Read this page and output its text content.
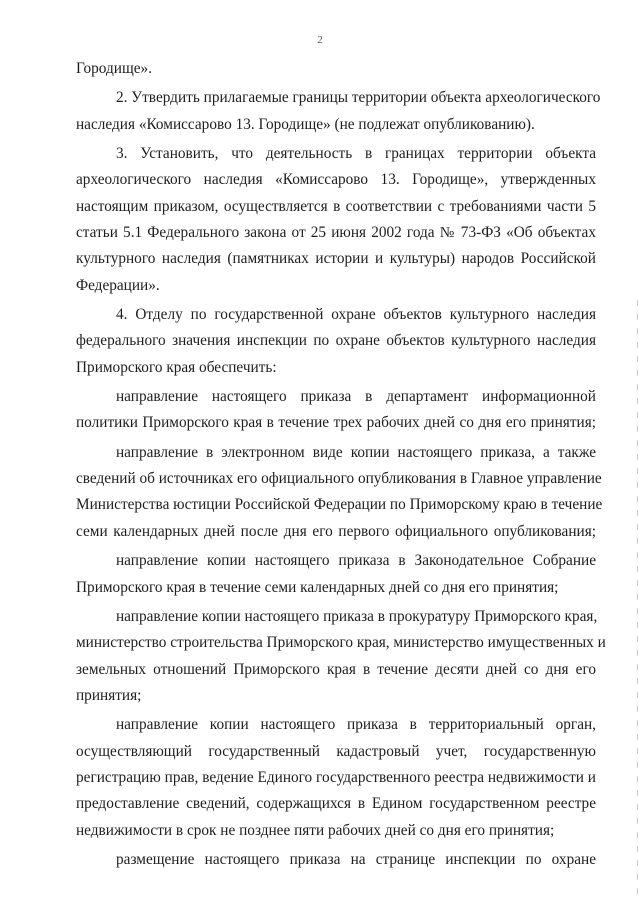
2
Городище».
2. Утвердить прилагаемые границы территории объекта археологического
наследия «Комиссарово 13. Городище» (не подлежат опубликованию).
3. Установить, что деятельность в границах территории объекта
археологического наследия «Комиссарово 13. Городище», утвержденных
настоящим приказом, осуществляется в соответствии с требованиями части 5
статьи 5.1 Федерального закона от 25 июня 2002 года № 73-ФЗ «Об объектах
культурного наследия (памятниках истории и культуры) народов Российской
Федерации».
4. Отделу по государственной охране объектов культурного наследия
федерального значения инспекции по охране объектов культурного наследия
Приморского края обеспечить:
направление настоящего приказа в департамент информационной
политики Приморского края в течение трех рабочих дней со дня его принятия;
направление в электронном виде копии настоящего приказа, а также
сведений об источниках его официального опубликования в Главное управление
Министерства юстиции Российской Федерации по Приморскому краю в течение
семи календарных дней после дня его первого официального опубликования;
направление копии настоящего приказа в Законодательное Собрание
Приморского края в течение семи календарных дней со дня его принятия;
направление копии настоящего приказа в прокуратуру Приморского края,
министерство строительства Приморского края, министерство имущественных и
земельных отношений Приморского края в течение десяти дней со дня его
принятия;
направление копии настоящего приказа в территориальный орган,
осуществляющий государственный кадастровый учет, государственную
регистрацию прав, ведение Единого государственного реестра недвижимости и
предоставление сведений, содержащихся в Едином государственном реестре
недвижимости в срок не позднее пяти рабочих дней со дня его принятия;
размещение настоящего приказа на странице инспекции по охране
